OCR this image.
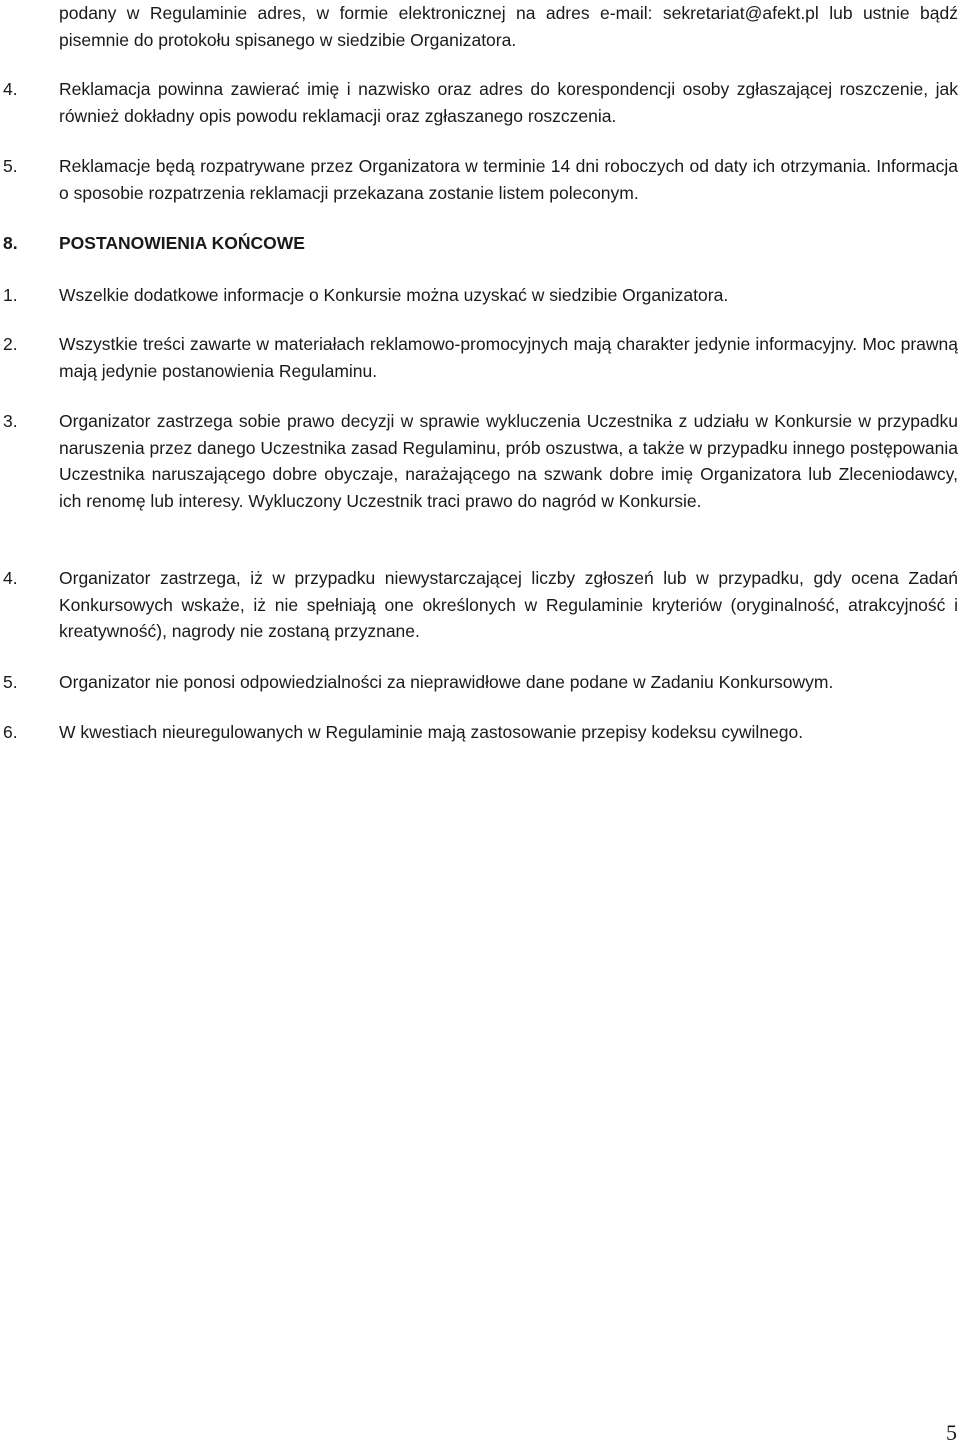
podany w Regulaminie adres, w formie elektronicznej na adres e-mail: sekretariat@afekt.pl lub ustnie bądź pisemnie do protokołu spisanego w siedzibie Organizatora.
4. Reklamacja powinna zawierać imię i nazwisko oraz adres do korespondencji osoby zgłaszającej roszczenie, jak również dokładny opis powodu reklamacji oraz zgłaszanego roszczenia.
5. Reklamacje będą rozpatrywane przez Organizatora w terminie 14 dni roboczych od daty ich otrzymania. Informacja o sposobie rozpatrzenia reklamacji przekazana zostanie listem poleconym.
8. POSTANOWIENIA KOŃCOWE
1. Wszelkie dodatkowe informacje o Konkursie można uzyskać w siedzibie Organizatora.
2. Wszystkie treści zawarte w materiałach reklamowo-promocyjnych mają charakter jedynie informacyjny. Moc prawną mają jedynie postanowienia Regulaminu.
3. Organizator zastrzega sobie prawo decyzji w sprawie wykluczenia Uczestnika z udziału w Konkursie w przypadku naruszenia przez danego Uczestnika zasad Regulaminu, prób oszustwa, a także w przypadku innego postępowania Uczestnika naruszającego dobre obyczaje, narażającego na szwank dobre imię Organizatora lub Zleceniodawcy, ich renomę lub interesy. Wykluczony Uczestnik traci prawo do nagród w Konkursie.
4. Organizator zastrzega, iż w przypadku niewystarczającej liczby zgłoszeń lub w przypadku, gdy ocena Zadań Konkursowych wskaże, iż nie spełniają one określonych w Regulaminie kryteriów (oryginalność, atrakcyjność i kreatywność), nagrody nie zostaną przyznane.
5. Organizator nie ponosi odpowiedzialności za nieprawidłowe dane podane w Zadaniu Konkursowym.
6. W kwestiach nieuregulowanych w Regulaminie mają zastosowanie przepisy kodeksu cywilnego.
5
